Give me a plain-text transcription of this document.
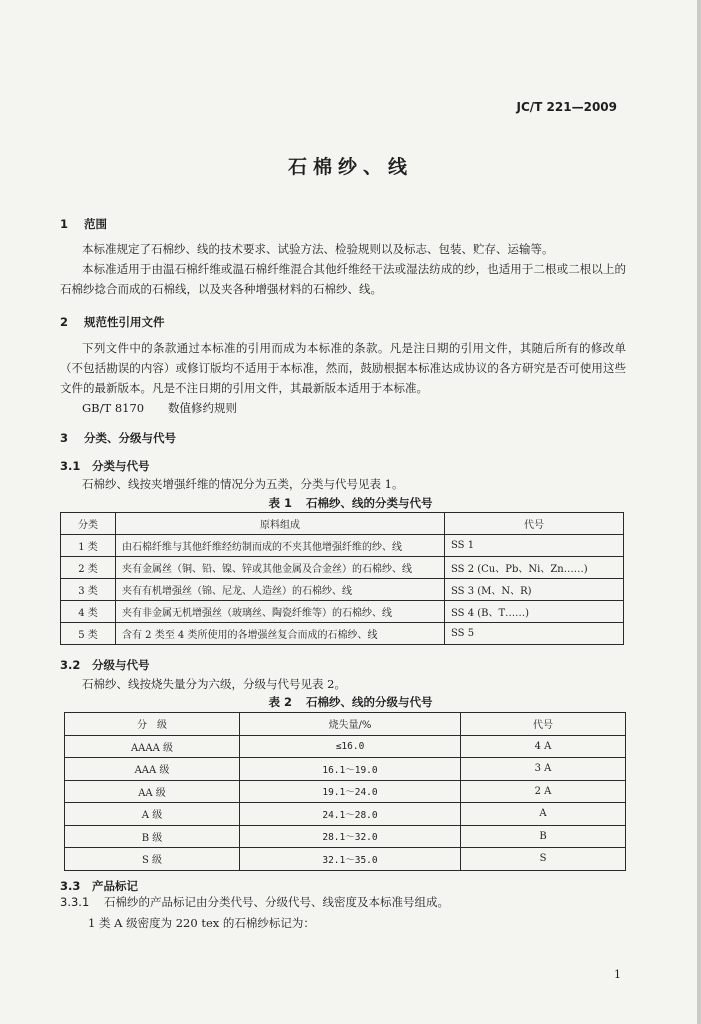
JC/T 221—2009
石棉纱、线
1 范围
本标准规定了石棉纱、线的技术要求、试验方法、检验规则以及标志、包装、贮存、运输等。
本标准适用于由温石棉纤维或温石棉纤维混合其他纤维经干法或湿法纺成的纱，也适用于二根或二根以上的石棉纱捻合而成的石棉线，以及夹各种增强材料的石棉纱、线。
2 规范性引用文件
下列文件中的条款通过本标准的引用而成为本标准的条款。凡是注日期的引用文件，其随后所有的修改单（不包括勘误的内容）或修订版均不适用于本标准，然而，鼓励根据本标准达成协议的各方研究是否可使用这些文件的最新版本。凡是不注日期的引用文件，其最新版本适用于本标准。
GB/T 8170 数值修约规则
3 分类、分级与代号
3.1 分类与代号
石棉纱、线按夹增强纤维的情况分为五类，分类与代号见表 1。
表 1 石棉纱、线的分类与代号
分类	原料组成	代号
1 类	由石棉纤维与其他纤维经纺制而成的不夹其他增强纤维的纱、线	SS 1
2 类	夹有金属丝（铜、铅、镍、锌或其他金属及合金丝）的石棉纱、线	SS 2 (Cu、Pb、Ni、Zn……)
3 类	夹有有机增强丝（锦、尼龙、人造丝）的石棉纱、线	SS 3 (M、N、R)
4 类	夹有非金属无机增强丝（玻璃丝、陶瓷纤维等）的石棉纱、线	SS 4 (B、T……)
5 类	含有 2 类至 4 类所使用的各增强丝复合而成的石棉纱、线	SS 5
3.2 分级与代号
石棉纱、线按烧失量分为六级，分级与代号见表 2。
表 2 石棉纱、线的分级与代号
分　级	烧失量/%	代号
AAAA 级	≤16.0	4 A
AAA 级	16.1～19.0	3 A
AA 级	19.1～24.0	2 A
A 级	24.1～28.0	A
B 级	28.1～32.0	B
S 级	32.1～35.0	S
3.3 产品标记
3.3.1 石棉纱的产品标记由分类代号、分级代号、线密度及本标准号组成。
1 类 A 级密度为 220 tex 的石棉纱标记为：
1
